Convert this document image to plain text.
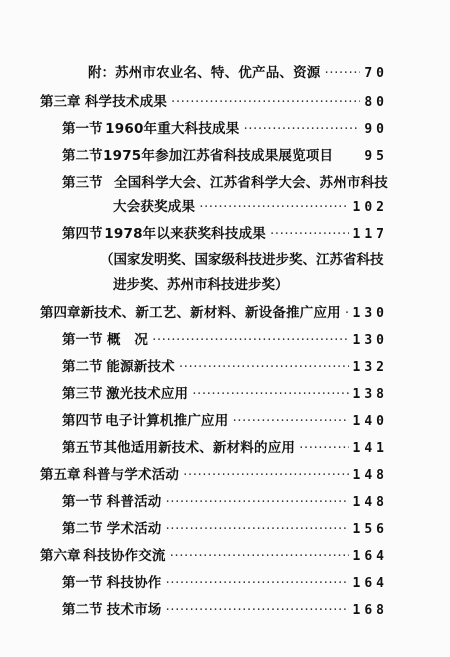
附： 苏州市农业名、特、优产品、资源 ·····	70
第三章 科学技术成果 ·····	80
第一节 1960年重大科技成果 ·····	90
第二节 1975年参加江苏省科技成果展览项目 95
第三节 全国科学大会、江苏省科学大会、苏州市科技
大会获奖成果 ·····	102
第四节 1978年以来获奖科技成果 ·····	117
（国家发明奖、国家级科技进步奖、江苏省科技
进步奖、苏州市科技进步奖）
第四章 新技术、新工艺、新材料、新设备推广应用 ····· 130
第一节 概　况 ·····	130
第二节 能源新技术 ·····	132
第三节 激光技术应用 ·····	138
第四节 电子计算机推广应用 ·····	140
第五节 其他适用新技术、新材料的应用 ·····	141
第五章 科普与学术活动 ·····	148
第一节 科普活动 ·····	148
第二节 学术活动 ·····	156
第六章 科技协作交流 ·····	164
第一节 科技协作 ·····	164
第二节 技术市场 ·····	168
